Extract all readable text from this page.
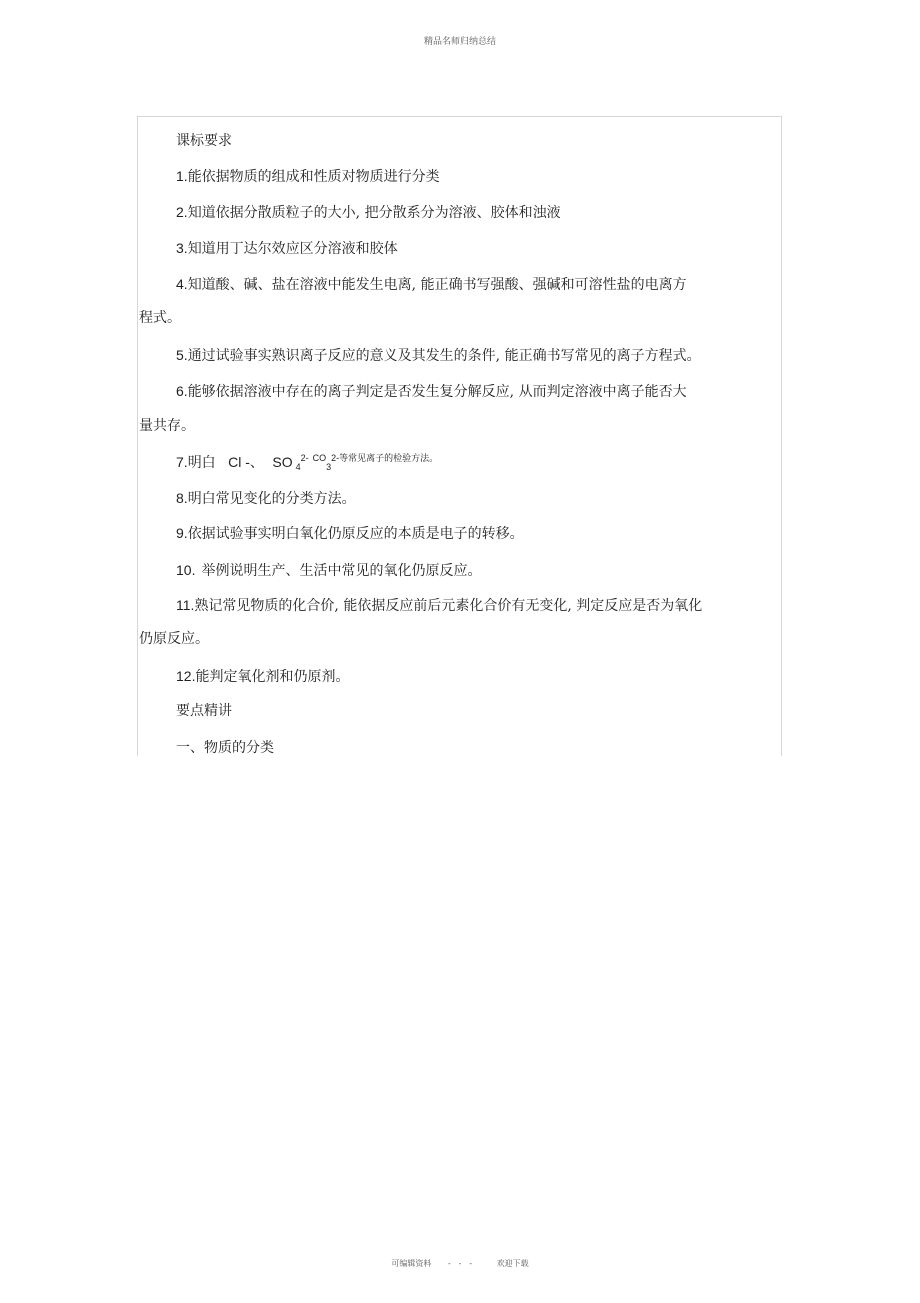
精品名师归纳总结
课标要求
1.能依据物质的组成和性质对物质进行分类
2.知道依据分散质粒子的大小, 把分散系分为溶液、胶体和浊液
3.知道用丁达尔效应区分溶液和胶体
4.知道酸、碱、盐在溶液中能发生电离, 能正确书写强酸、强碱和可溶性盐的电离方
程式。
5.通过试验事实熟识离子反应的意义及其发生的条件, 能正确书写常见的离子方程式。
6.能够依据溶液中存在的离子判定是否发生复分解反应, 从而判定溶液中离子能否大
量共存。
7.明白 Cl -、 SO $_4^{2-}$ $^{CO}_3^{2-等常见离子的检验方法。}$
8.明白常见变化的分类方法。
9.依据试验事实明白氧化仍原反应的本质是电子的转移。
10. 举例说明生产、生活中常见的氧化仍原反应。
11.熟记常见物质的化合价, 能依据反应前后元素化合价有无变化, 判定反应是否为氧化
仍原反应。
12.能判定氧化剂和仍原剂。
要点精讲
一、物质的分类
可编辑资料 --- 欢迎下载
